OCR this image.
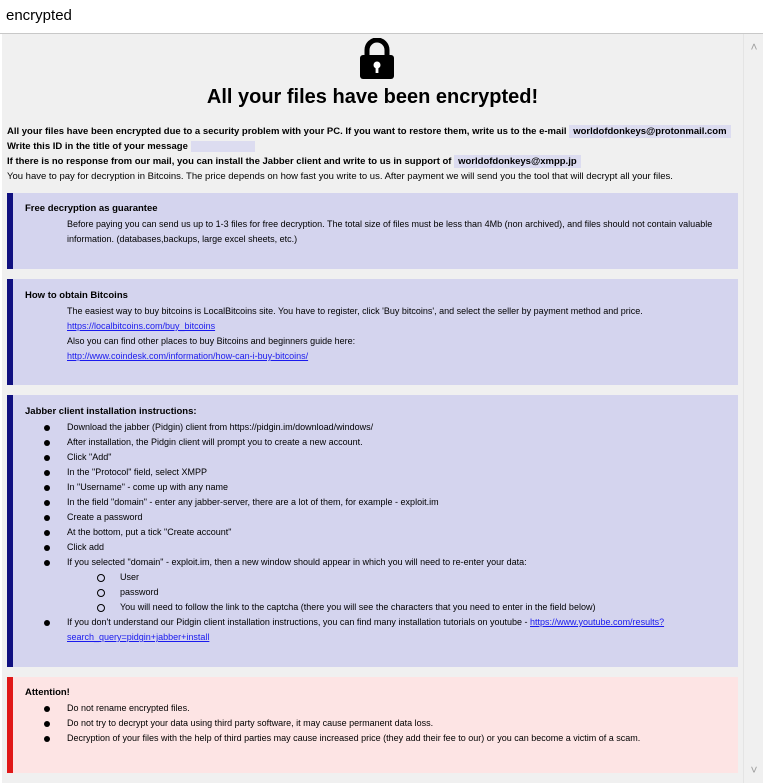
encrypted
All your files have been encrypted!
All your files have been encrypted due to a security problem with your PC. If you want to restore them, write us to the e-mail worldofdonkeys@protonmail.com
Write this ID in the title of your message
If there is no response from our mail, you can install the Jabber client and write to us in support of worldofdonkeys@xmpp.jp
You have to pay for decryption in Bitcoins. The price depends on how fast you write to us. After payment we will send you the tool that will decrypt all your files.
Free decryption as guarantee
Before paying you can send us up to 1-3 files for free decryption. The total size of files must be less than 4Mb (non archived), and files should not contain valuable information. (databases,backups, large excel sheets, etc.)
How to obtain Bitcoins
The easiest way to buy bitcoins is LocalBitcoins site. You have to register, click 'Buy bitcoins', and select the seller by payment method and price.
https://localbitcoins.com/buy_bitcoins
Also you can find other places to buy Bitcoins and beginners guide here:
http://www.coindesk.com/information/how-can-i-buy-bitcoins/
Jabber client installation instructions:
Download the jabber (Pidgin) client from https://pidgin.im/download/windows/
After installation, the Pidgin client will prompt you to create a new account.
Click "Add"
In the "Protocol" field, select XMPP
In "Username" - come up with any name
In the field "domain" - enter any jabber-server, there are a lot of them, for example - exploit.im
Create a password
At the bottom, put a tick "Create account"
Click add
If you selected "domain" - exploit.im, then a new window should appear in which you will need to re-enter your data:
User
password
You will need to follow the link to the captcha (there you will see the characters that you need to enter in the field below)
If you don't understand our Pidgin client installation instructions, you can find many installation tutorials on youtube - https://www.youtube.com/results?
search_query=pidgin+jabber+install
Attention!
Do not rename encrypted files.
Do not try to decrypt your data using third party software, it may cause permanent data loss.
Decryption of your files with the help of third parties may cause increased price (they add their fee to our) or you can become a victim of a scam.
˄
˅
